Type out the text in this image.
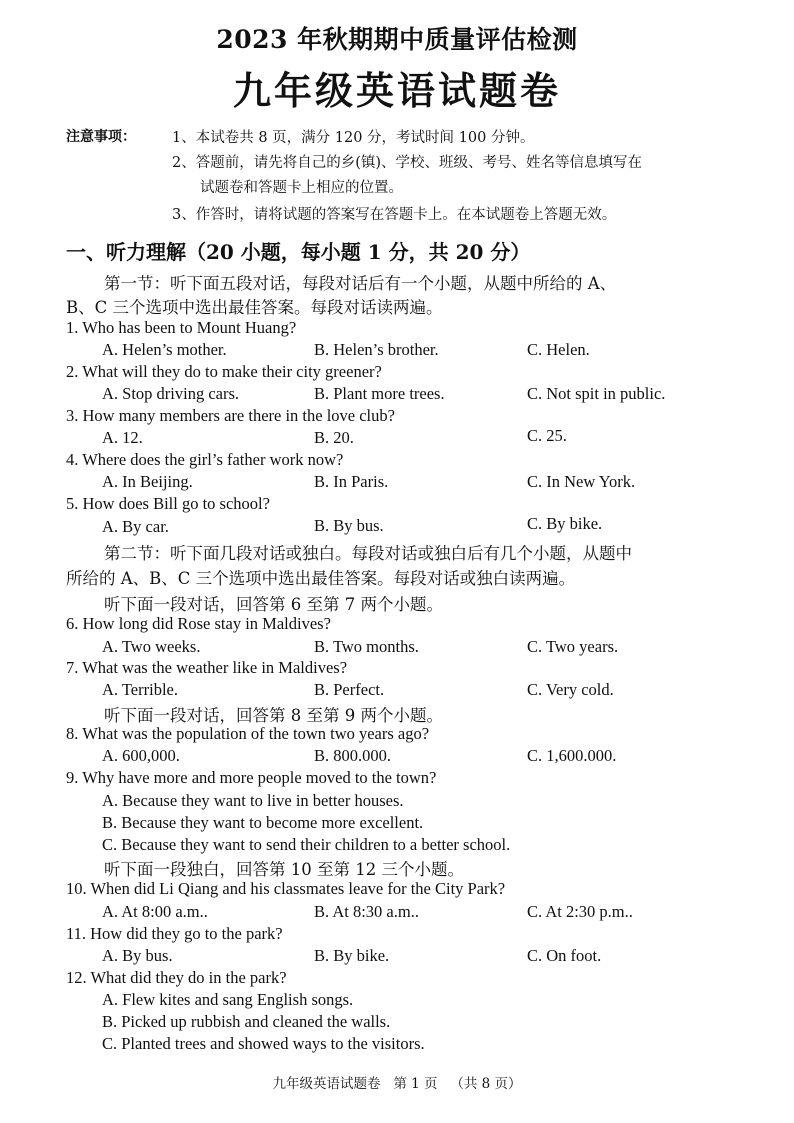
2023 年秋期期中质量评估检测
九年级英语试题卷
注意事项： 1、本试卷共 8 页，满分 120 分，考试时间 100 分钟。
2、答题前，请先将自己的乡(镇)、学校、班级、考号、姓名等信息填写在
试题卷和答题卡上相应的位置。
3、作答时，请将试题的答案写在答题卡上。在本试题卷上答题无效。
一、听力理解（20 小题，每小题 1 分，共 20 分）
第一节：听下面五段对话，每段对话后有一个小题，从题中所给的 A、
B、C 三个选项中选出最佳答案。每段对话读两遍。
1. Who has been to Mount Huang?
A. Helen’s mother.	B. Helen’s brother.	C. Helen.
2. What will they do to make their city greener?
A. Stop driving cars.	B. Plant more trees.	C. Not spit in public.
3. How many members are there in the love club?
A. 12.	B. 20.	C. 25.
4. Where does the girl’s father work now?
A. In Beijing.	B. In Paris.	C. In New York.
5. How does Bill go to school?
A. By car.	B. By bus.	C. By bike.
第二节：听下面几段对话或独白。每段对话或独白后有几个小题，从题中
所给的 A、B、C 三个选项中选出最佳答案。每段对话或独白读两遍。
听下面一段对话，回答第 6 至第 7 两个小题。
6. How long did Rose stay in Maldives?
A. Two weeks.	B. Two months.	C. Two years.
7. What was the weather like in Maldives?
A. Terrible.	B. Perfect.	C. Very cold.
听下面一段对话，回答第 8 至第 9 两个小题。
8. What was the population of the town two years ago?
A. 600,000.	B. 800.000.	C. 1,600.000.
9. Why have more and more people moved to the town?
A. Because they want to live in better houses.
B. Because they want to become more excellent.
C. Because they want to send their children to a better school.
听下面一段独白，回答第 10 至第 12 三个小题。
10. When did Li Qiang and his classmates leave for the City Park?
A. At 8:00 a.m..	B. At 8:30 a.m..	C. At 2:30 p.m..
11. How did they go to the park?
A. By bus.	B. By bike.	C. On foot.
12. What did they do in the park?
A. Flew kites and sang English songs.
B. Picked up rubbish and cleaned the walls.
C. Planted trees and showed ways to the visitors.
九年级英语试题卷   第 1 页   （共 8 页）
